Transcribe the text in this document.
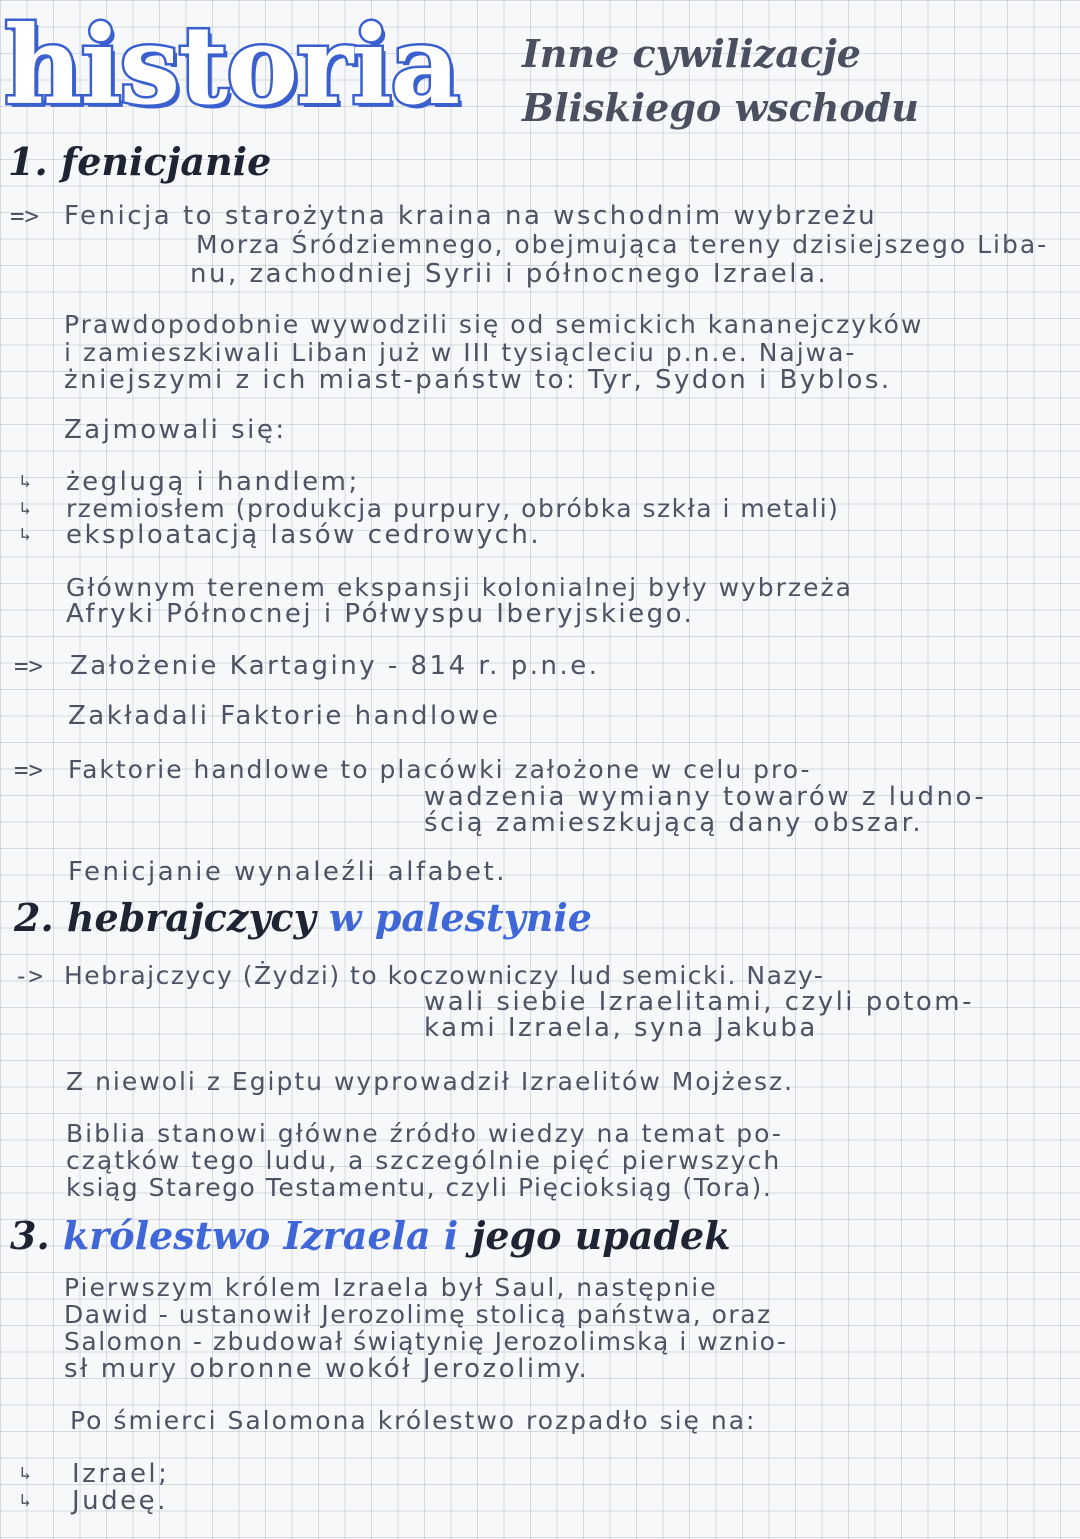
historia Inne cywilizacje
Bliskiego wschodu
1. fenicjanie
=> Fenicja to starożytna kraina na wschodnim wybrzeżu
Morza Śródziemnego, obejmująca tereny dzisiejszego Liba-
nu, zachodniej Syrii i północnego Izraela.
Prawdopodobnie wywodzili się od semickich kananejczyków
i zamieszkiwali Liban już w III tysiącleciu p.n.e. Najwa-
żniejszymi z ich miast-państw to: Tyr, Sydon i Byblos.
Zajmowali się:
↳
↳
↳
żeglugą i handlem;
rzemiosłem (produkcja purpury, obróbka szkła i metali)
eksploatacją lasów cedrowych.
Głównym terenem ekspansji kolonialnej były wybrzeża
Afryki Północnej i Półwyspu Iberyjskiego.
=> Założenie Kartaginy - 814 r. p.n.e.
Zakładali Faktorie handlowe
=> Faktorie handlowe to placówki założone w celu pro-
wadzenia wymiany towarów z ludno-
ścią zamieszkującą dany obszar.
Fenicjanie wynaleźli alfabet.
2. hebrajczycy w palestynie
-> Hebrajczycy (Żydzi) to koczowniczy lud semicki. Nazy-
wali siebie Izraelitami, czyli potom-
kami Izraela, syna Jakuba
Z niewoli z Egiptu wyprowadził Izraelitów Mojżesz.
Biblia stanowi główne źródło wiedzy na temat po-
czątków tego ludu, a szczególnie pięć pierwszych
ksiąg Starego Testamentu, czyli Pięcioksiąg (Tora).
3. królestwo Izraela i jego upadek
Pierwszym królem Izraela był Saul, następnie
Dawid - ustanowił Jerozolimę stolicą państwa, oraz
Salomon - zbudował świątynię Jerozolimską i wznio-
sł mury obronne wokół Jerozolimy.
Po śmierci Salomona królestwo rozpadło się na:
↳
↳
Izrael;
Judeę.
